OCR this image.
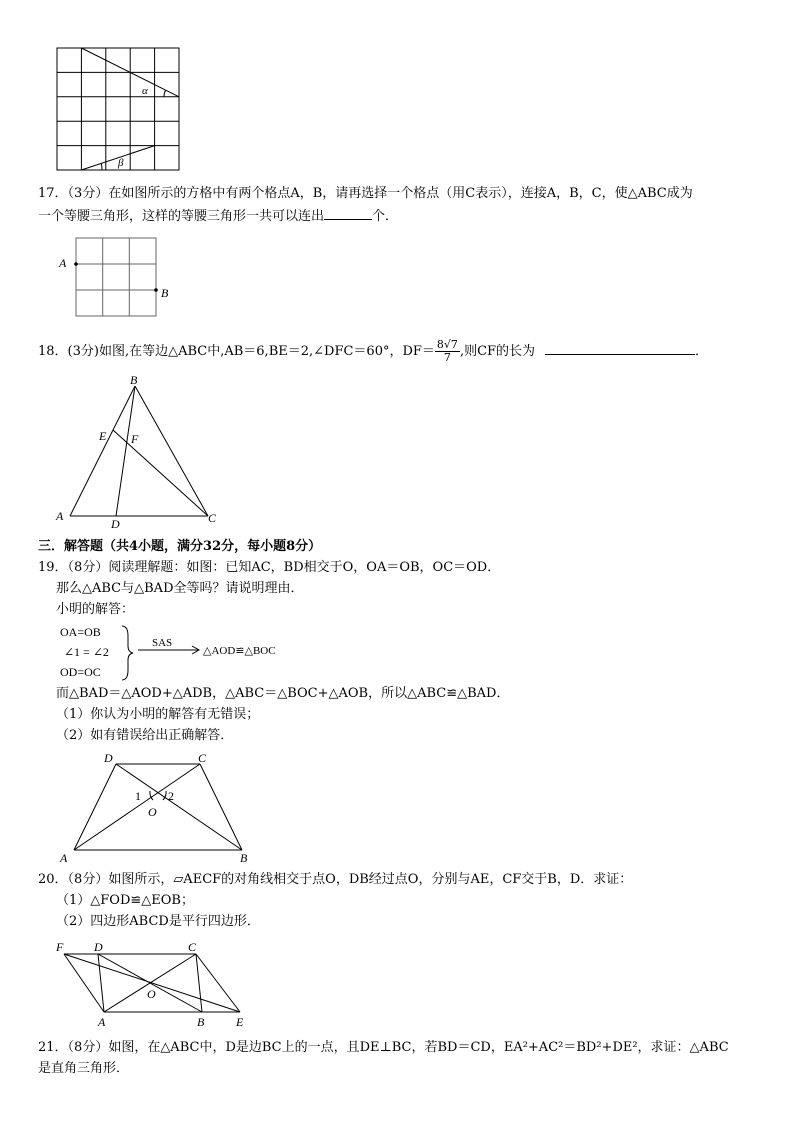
α
β
17．（3分）在如图所示的方格中有两个格点A，B，请再选择一个格点（用C表示），连接A，B，C，使△ABC成为
一个等腰三角形，这样的等腰三角形一共可以连出	个．
A
B
18．(3分)如图,在等边△ABC中,AB＝6,BE＝2,∠DFC＝60°，$DF= \frac{8√7}{7}$ ,则CF的长为	．
B
E F
A
D	C
三．解答题（共4小题，满分32分，每小题8分）
19．（8分）阅读理解题：如图：已知AC，BD相交于O，OA＝OB，OC＝OD．
那么△ABC与△BAD全等吗？请说明理由．
小明的解答：
OA=OB
∠1 = ∠2
OD=OC
SAS
△AOD≌△BOC
而△BAD＝△AOD+△ADB，△ABC＝△BOC+△AOB，所以△ABC≌△BAD．
（1）你认为小明的解答有无错误；
（2）如有错误给出正确解答．
D	C
1
O
2
A	B
20．（8分）如图所示，▱AECF的对角线相交于点O，DB经过点O，分别与AE，CF交于B，D．求证：
（1）△FOD≌△EOB；
（2）四边形ABCD是平行四边形．
F	D	C
O
A	B	E
21．（8分）如图，在△ABC中，D是边BC上的一点，且DE⊥BC，若BD＝CD，EA²+AC²＝BD²+DE²，求证：△ABC
是直角三角形．
